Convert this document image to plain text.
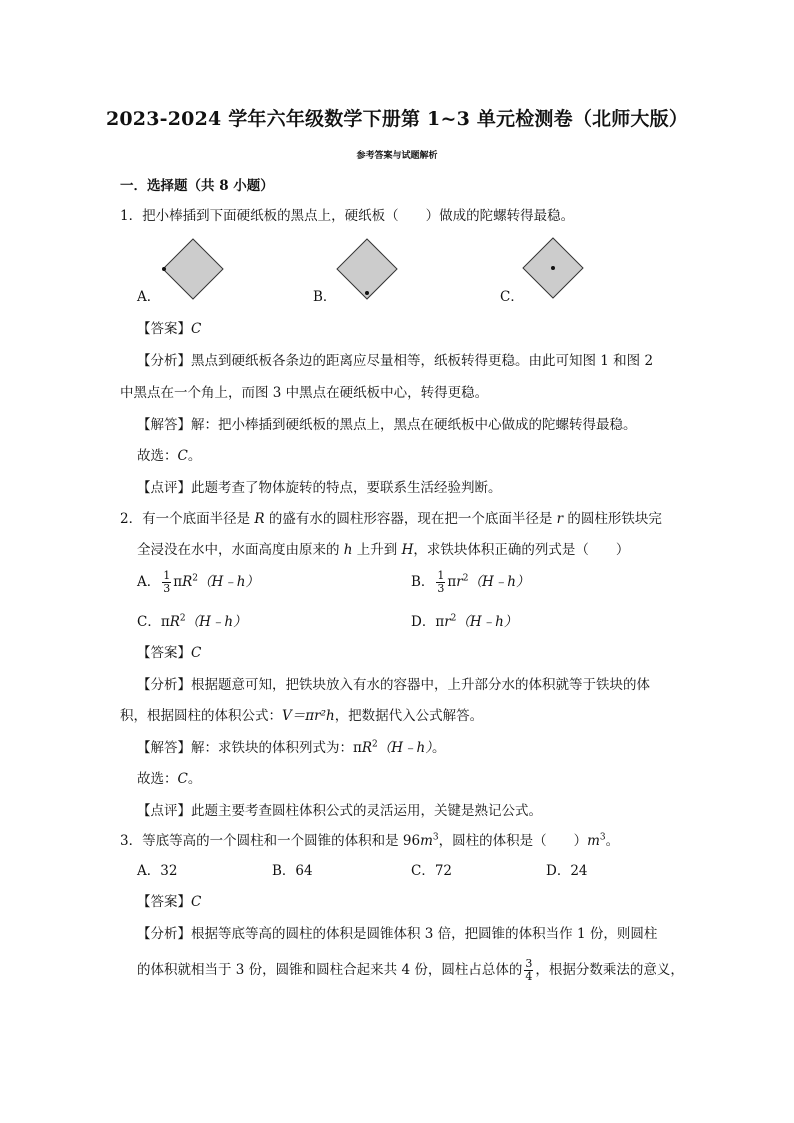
2023-2024 学年六年级数学下册第 1~3 单元检测卷（北师大版）
参考答案与试题解析
一．选择题（共 8 小题）
1．把小棒插到下面硬纸板的黑点上，硬纸板（　　）做成的陀螺转得最稳。
A．	B．	C．
【答案】C
【分析】黑点到硬纸板各条边的距离应尽量相等，纸板转得更稳。由此可知图 1 和图 2
中黑点在一个角上，而图 3 中黑点在硬纸板中心，转得更稳。
【解答】解：把小棒插到硬纸板的黑点上，黑点在硬纸板中心做成的陀螺转得最稳。
故选：C。
【点评】此题考查了物体旋转的特点，要联系生活经验判断。
2．有一个底面半径是 R 的盛有水的圆柱形容器，现在把一个底面半径是 r 的圆柱形铁块完
全浸没在水中，水面高度由原来的 h 上升到 H，求铁块体积正确的列式是（　　）
A． $\frac{1}{3}$ $\pi R^2(H﹣h)$	B． $\frac{1}{3}$ $\pi r^2(H﹣h)$
C．$\pi R^2(H﹣h)$	D．$\pi r^2(H﹣h)$
【答案】C
【分析】根据题意可知，把铁块放入有水的容器中，上升部分水的体积就等于铁块的体
积，根据圆柱的体积公式：V＝πr²h，把数据代入公式解答。
【解答】解：求铁块的体积列式为：$\pi R^2(H﹣h)$。
故选：C。
【点评】此题主要考查圆柱体积公式的灵活运用，关键是熟记公式。
3．等底等高的一个圆柱和一个圆锥的体积和是 $96m^3$，圆柱的体积是（　　）$m^3$。
A．32	B．64	C．72	D．24
【答案】C
【分析】根据等底等高的圆柱的体积是圆锥体积 3 倍，把圆锥的体积当作 1 份，则圆柱
的体积就相当于 3 份，圆锥和圆柱合起来共 4 份，圆柱占总体的 $\frac{3}{4}$ ，根据分数乘法的意义，
